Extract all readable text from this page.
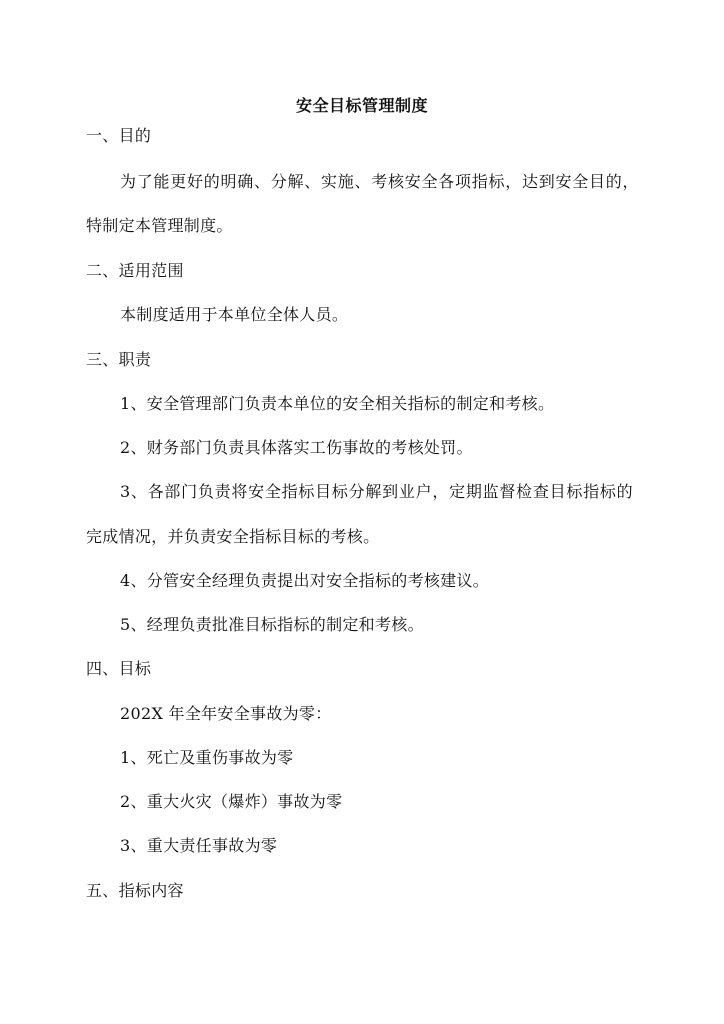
安全目标管理制度
一、目的
为了能更好的明确、分解、实施、考核安全各项指标，达到安全目的，
特制定本管理制度。
二、适用范围
本制度适用于本单位全体人员。
三、职责
1、安全管理部门负责本单位的安全相关指标的制定和考核。
2、财务部门负责具体落实工伤事故的考核处罚。
3、各部门负责将安全指标目标分解到业户，定期监督检查目标指标的
完成情况，并负责安全指标目标的考核。
4、分管安全经理负责提出对安全指标的考核建议。
5、经理负责批准目标指标的制定和考核。
四、目标
202X 年全年安全事故为零：
1、死亡及重伤事故为零
2、重大火灾（爆炸）事故为零
3、重大责任事故为零
五、指标内容
